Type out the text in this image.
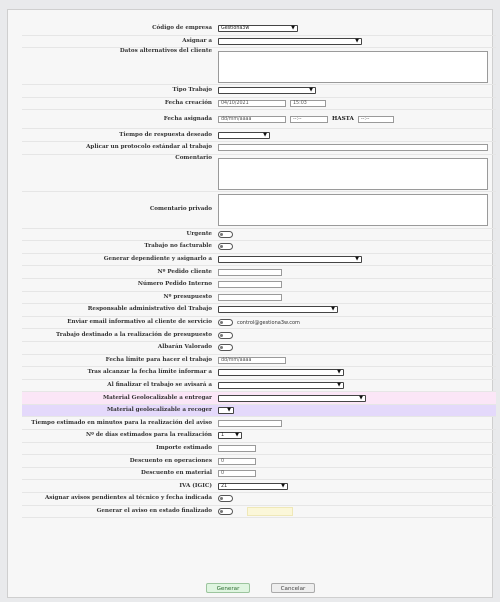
Código de empresa	Gestiona3w	▼
Asignar a	▼
Datos alternativos del cliente
Tipo Trabajo	▼
Fecha creación	04/10/2021	15:03
Fecha asignada	dd/mm/aaaa	--:--	HASTA	--:--
Tiempo de respuesta deseado	▼
Aplicar un protocolo estándar al trabajo
Comentario
Comentario privado
Urgente
Trabajo no facturable
Generar dependiente y asignarlo a	▼
Nº Pedido cliente
Número Pedido Interno
Nº presupuesto
Responsable administrativo del Trabajo	▼
Enviar email informativo al cliente de servicio	control@gestiona3w.com
Trabajo destinado a la realización de presupuesto
Albarán Valorado
Fecha límite para hacer el trabajo	dd/mm/aaaa
Tras alcanzar la fecha límite informar a	▼
Al finalizar el trabajo se avisará a	▼
Material Geolocalizable a entregar	▼
Material geolocalizable a recoger	▼
Tiempo estimado en minutos para la realización del aviso
Nº de días estimados para la realización	1 ▼
Importe estimado
Descuento en operaciones	0
Descuento en material	0
IVA (IGIC)	21	▼
Asignar avisos pendientes al técnico y fecha indicada
Generar el aviso en estado finalizado
Generar	Cancelar
